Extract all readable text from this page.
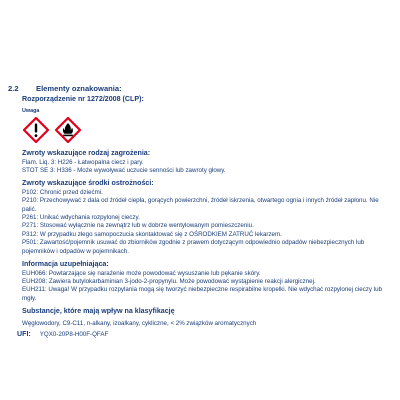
2.2 Elementy oznakowania:
Rozporządzenie nr 1272/2008 (CLP):
Uwaga
Zwroty wskazujące rodzaj zagrożenia:
Flam. Liq. 3: H226 - Łatwopalna ciecz i pary.
STOT SE 3: H336 - Może wywoływać uczucie senności lub zawroty głowy.
Zwroty wskazujące środki ostrożności:
P102: Chronić przed dziećmi.
P210: Przechowywać z dala od źródeł ciepła, gorących powierzchni, źródeł iskrzenia, otwartego ognia i innych źródeł zapłonu. Nie
palić.
P261: Unikać wdychania rozpylonej cieczy.
P271: Stosować wyłącznie na zewnątrz lub w dobrze wentylowanym pomieszczeniu.
P312: W przypadku złego samopoczucia skontaktować się z OŚRODKIEM ZATRUĆ lekarzem.
P501: Zawartość/pojemnik usuwać do zbiorników zgodnie z prawem dotyczącym odpowiednio odpadów niebezpiecznych lub
pojemników i odpadów w pojemnikach.
Informacja uzupełniająca:
EUH066: Powtarzające się narażenie może powodować wysuszanie lub pękanie skóry.
EUH208: Zawiera butylokarbaminian 3-jodo-2-propynylu. Może powodować wystąpienie reakcji alergicznej.
EUH211: Uwaga! W przypadku rozpylania mogą się tworzyć niebezpieczne respirabilne kropelki. Nie wdychać rozpylonej cieczy lub
mgły.
Substancje, które mają wpływ na klasyfikację
Węglowodory, C9-C11, n-alkany, izoalkany, cykliczne, < 2% związków aromatycznych
UFI: YQX0-20P8-H00F-QFAF
